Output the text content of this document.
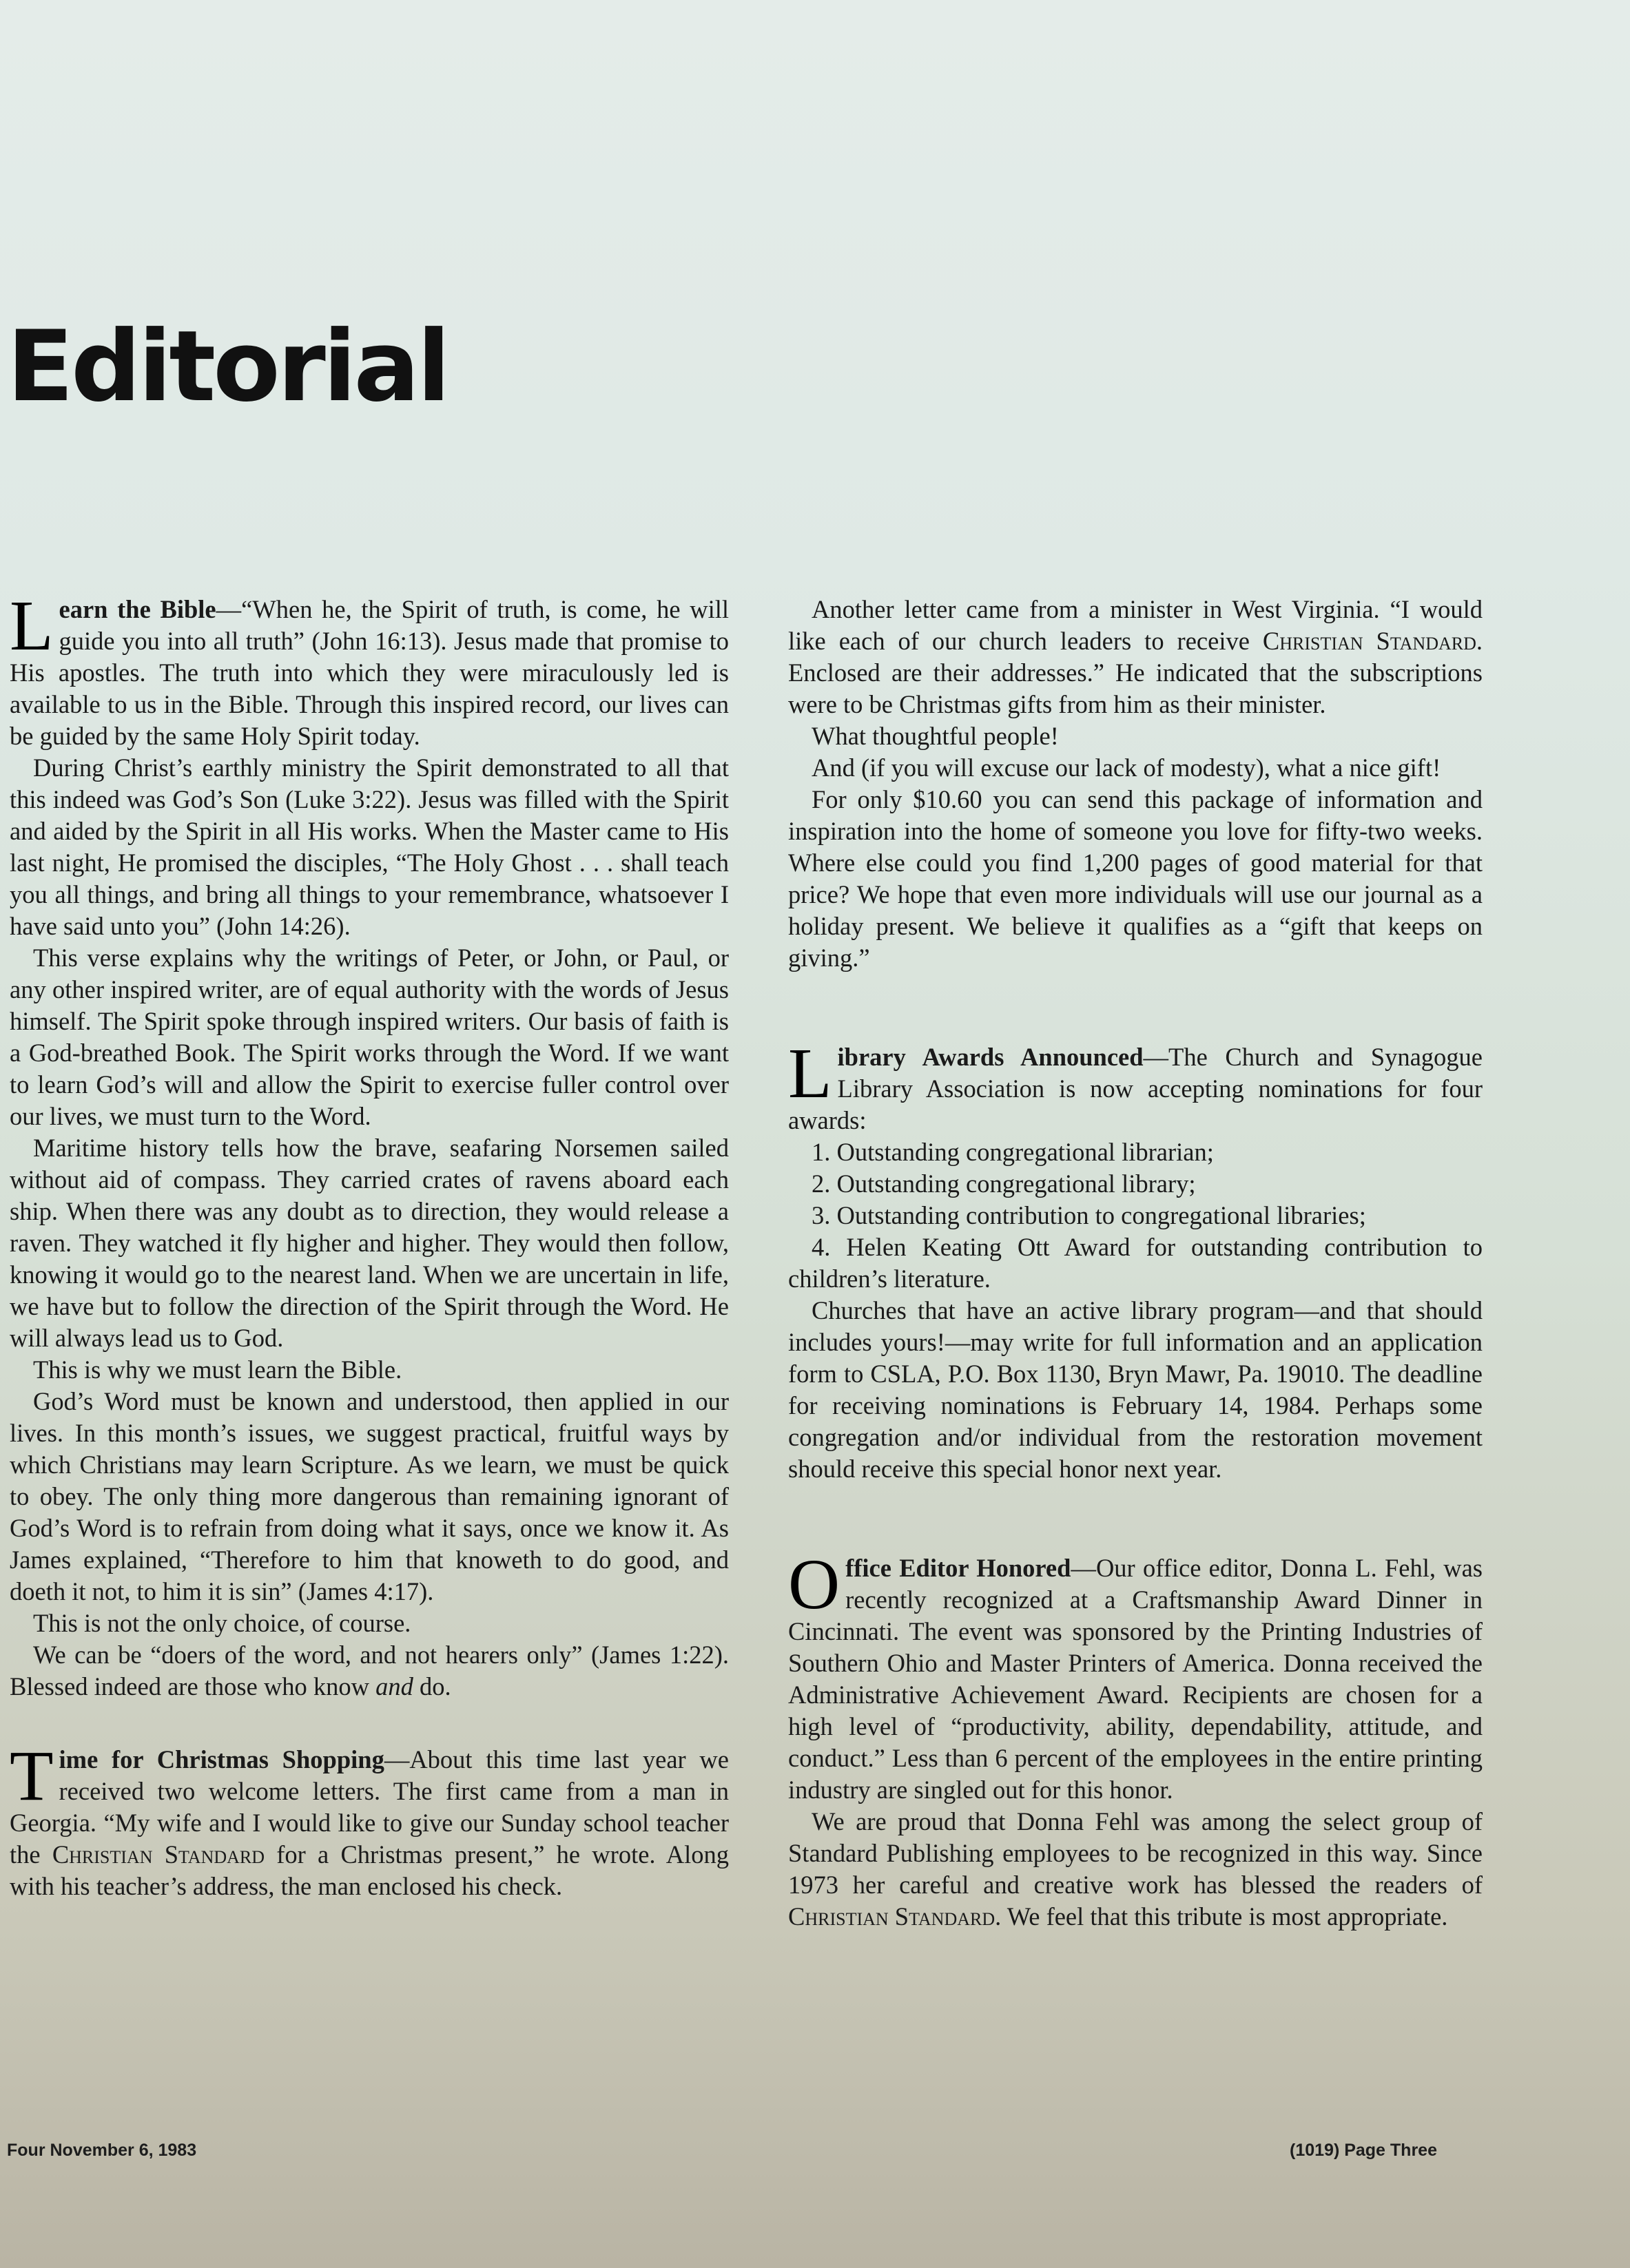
Editorial

Learn the Bible—“When he, the Spirit of truth, is come, he will guide you into all truth” (John 16:13). Jesus made that promise to His apostles. The truth into which they were miraculously led is available to us in the Bible. Through this inspired record, our lives can be guided by the same Holy Spirit today.

During Christ’s earthly ministry the Spirit demonstrated to all that this indeed was God’s Son (Luke 3:22). Jesus was filled with the Spirit and aided by the Spirit in all His works. When the Master came to His last night, He promised the disciples, “The Holy Ghost . . . shall teach you all things, and bring all things to your remembrance, whatsoever I have said unto you” (John 14:26).

This verse explains why the writings of Peter, or John, or Paul, or any other inspired writer, are of equal authority with the words of Jesus himself. The Spirit spoke through inspired writers. Our basis of faith is a God-breathed Book. The Spirit works through the Word. If we want to learn God’s will and allow the Spirit to exercise fuller control over our lives, we must turn to the Word.

Maritime history tells how the brave, seafaring Norsemen sailed without aid of compass. They carried crates of ravens aboard each ship. When there was any doubt as to direction, they would release a raven. They watched it fly higher and higher. They would then follow, knowing it would go to the nearest land. When we are uncertain in life, we have but to follow the direction of the Spirit through the Word. He will always lead us to God.

This is why we must learn the Bible.

God’s Word must be known and understood, then applied in our lives. In this month’s issues, we suggest practical, fruitful ways by which Christians may learn Scripture. As we learn, we must be quick to obey. The only thing more dangerous than remaining ignorant of God’s Word is to refrain from doing what it says, once we know it. As James explained, “Therefore to him that knoweth to do good, and doeth it not, to him it is sin” (James 4:17).

This is not the only choice, of course.

We can be “doers of the word, and not hearers only” (James 1:22). Blessed indeed are those who know and do.

Time for Christmas Shopping—About this time last year we received two welcome letters. The first came from a man in Georgia. “My wife and I would like to give our Sunday school teacher the Christian Standard for a Christmas present,” he wrote. Along with his teacher’s address, the man enclosed his check.

Another letter came from a minister in West Virginia. “I would like each of our church leaders to receive Christian Standard. Enclosed are their addresses.” He indicated that the subscriptions were to be Christmas gifts from him as their minister.

What thoughtful people!

And (if you will excuse our lack of modesty), what a nice gift!

For only $10.60 you can send this package of information and inspiration into the home of someone you love for fifty-two weeks. Where else could you find 1,200 pages of good material for that price? We hope that even more individuals will use our journal as a holiday present. We believe it qualifies as a “gift that keeps on giving.”

Library Awards Announced—The Church and Synagogue Library Association is now accepting nominations for four awards:

1. Outstanding congregational librarian;
2. Outstanding congregational library;
3. Outstanding contribution to congregational libraries;
4. Helen Keating Ott Award for outstanding contribution to children’s literature.

Churches that have an active library program—and that should includes yours!—may write for full information and an application form to CSLA, P.O. Box 1130, Bryn Mawr, Pa. 19010. The deadline for receiving nominations is February 14, 1984. Perhaps some congregation and/or individual from the restoration movement should receive this special honor next year.

Office Editor Honored—Our office editor, Donna L. Fehl, was recently recognized at a Craftsmanship Award Dinner in Cincinnati. The event was sponsored by the Printing Industries of Southern Ohio and Master Printers of America. Donna received the Administrative Achievement Award. Recipients are chosen for a high level of “productivity, ability, dependability, attitude, and conduct.” Less than 6 percent of the employees in the entire printing industry are singled out for this honor.

We are proud that Donna Fehl was among the select group of Standard Publishing employees to be recognized in this way. Since 1973 her careful and creative work has blessed the readers of Christian Standard. We feel that this tribute is most appropriate.

Four November 6, 1983	(1019) Page Three
